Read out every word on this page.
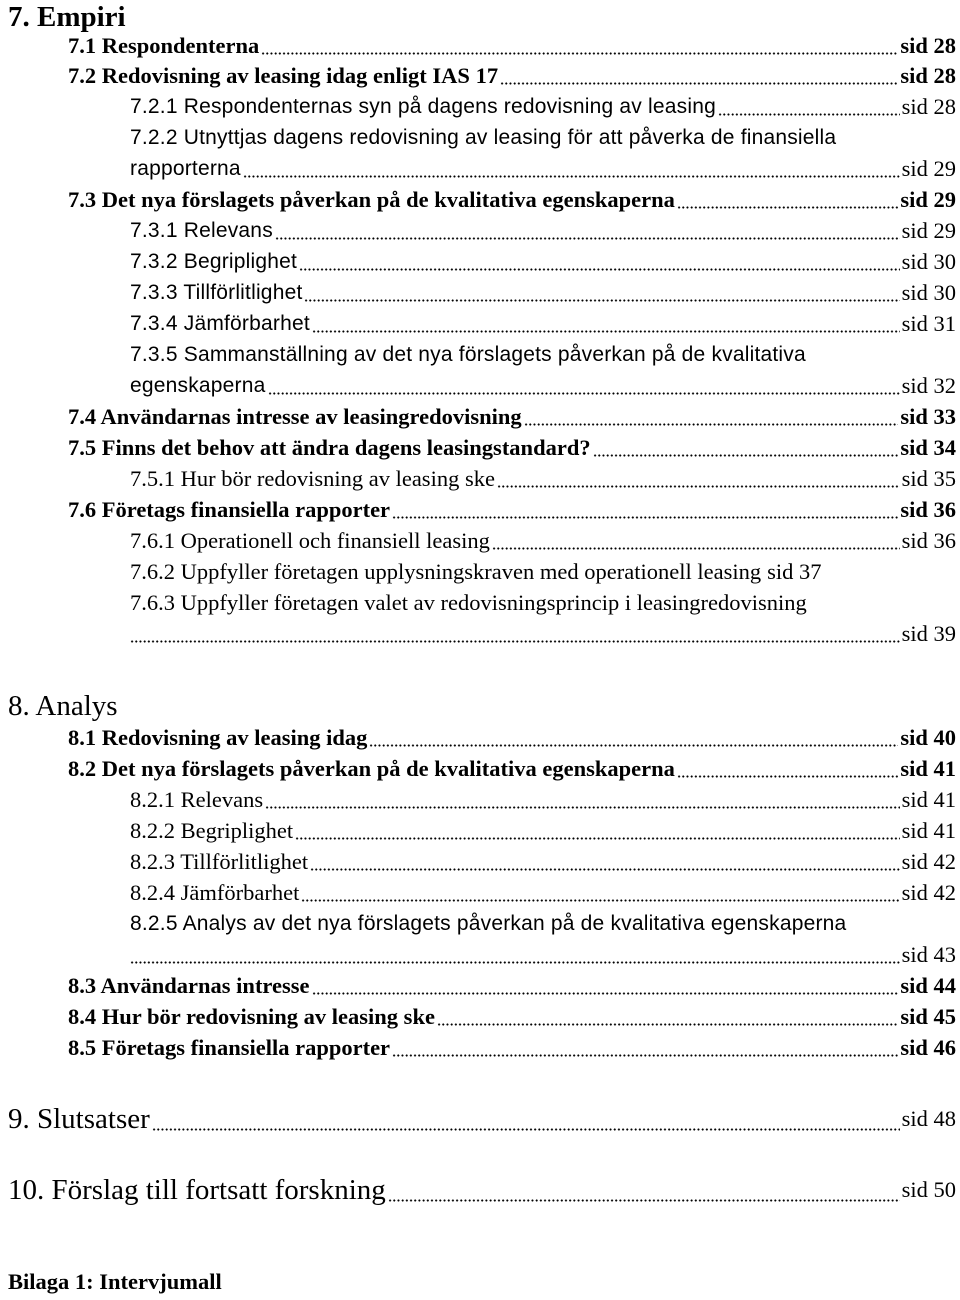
7. Empiri
7.1 Respondenterna	sid 28
7.2 Redovisning av leasing idag enligt IAS 17	sid 28
7.2.1 Respondenternas syn på dagens redovisning av leasing	sid 28
7.2.2 Utnyttjas dagens redovisning av leasing för att påverka de finansiella
rapporterna	sid 29
7.3 Det nya förslagets påverkan på de kvalitativa egenskaperna	sid 29
7.3.1 Relevans	sid 29
7.3.2 Begriplighet	sid 30
7.3.3 Tillförlitlighet	sid 30
7.3.4 Jämförbarhet	sid 31
7.3.5 Sammanställning av det nya förslagets påverkan på de kvalitativa
egenskaperna	sid 32
7.4 Användarnas intresse av leasingredovisning	sid 33
7.5 Finns det behov att ändra dagens leasingstandard?	sid 34
7.5.1 Hur bör redovisning av leasing ske	sid 35
7.6 Företags finansiella rapporter	sid 36
7.6.1 Operationell och finansiell leasing	sid 36
7.6.2 Uppfyller företagen upplysningskraven med operationell leasing sid 37
7.6.3 Uppfyller företagen valet av redovisningsprincip i leasingredovisning
sid 39
8. Analys
8.1 Redovisning av leasing idag	sid 40
8.2 Det nya förslagets påverkan på de kvalitativa egenskaperna	sid 41
8.2.1 Relevans	sid 41
8.2.2 Begriplighet	sid 41
8.2.3 Tillförlitlighet	sid 42
8.2.4 Jämförbarhet	sid 42
8.2.5 Analys av det nya förslagets påverkan på de kvalitativa egenskaperna
sid 43
8.3 Användarnas intresse	sid 44
8.4 Hur bör redovisning av leasing ske	sid 45
8.5 Företags finansiella rapporter	sid 46
9. Slutsatser	sid 48
10. Förslag till fortsatt forskning	sid 50
Bilaga 1: Intervjumall
